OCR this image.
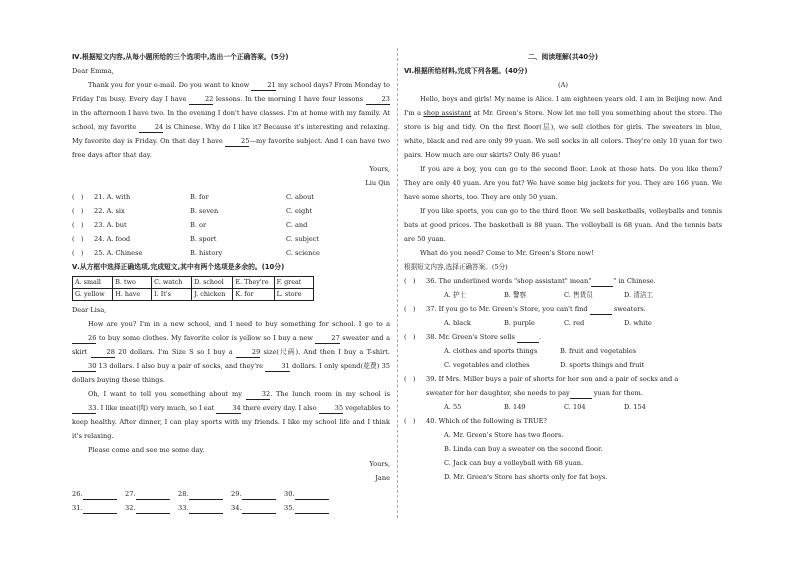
Ⅳ.根据短文内容,从每小题所给的三个选项中,选出一个正确答案。(5分)

Dear Emma,

Thank you for your e-mail. Do you want to know 21 my school days? From Monday to Friday I'm busy. Every day I have 22 lessons. In the morning I have four lessons 23 in the afternoon I have two. In the evening I don't have classes. I'm at home with my family. At school, my favorite 24 is Chinese. Why do I like it? Because it's interesting and relaxing. My favorite day is Friday. On that day I have 25—my favorite subject. And I can have two free days after that day.

Yours,

Liu Qin

( )	21. A. with	B. for	C. about
( )	22. A. six	B. seven	C. eight
( )	23. A. but	B. or	C. and
( )	24. A. food	B. sport	C. subject
( )	25. A. Chinese	B. history	C. science

Ⅴ.从方框中选择正确选项,完成短文,其中有两个选项是多余的。(10分)

A. small	B. two	C. watch	D. school	E. They're	F. great
G. yellow	H. have	I. It's	J. chicken	K. for	L. store

Dear Lisa,

How are you? I'm in a new school, and I need to buy something for school. I go to a 26 to buy some clothes. My favorite color is yellow so I buy a new 27 sweater and a skirt 28 20 dollars. I'm Size S so I buy a 29 size(尺码). And then I buy a T-shirt. 30 13 dollars. I also buy a pair of socks, and they're 31 dollars. I only spend(花费) 35 dollars buying these things.

Oh, I want to tell you something about my 32. The lunch room in my school is 33. I like meat(肉) very much, so I eat 34 there every day. I also 35 vegetables to keep healthy. After dinner, I can play sports with my friends. I like my school life and I think it's relaxing.

Please come and see me some day.

Yours,

Jane

26.	27.	28.	29.	30.
31.	32.	33.	34.	35.

二、阅读理解(共40分)

Ⅵ.根据所给材料,完成下列各题。(40分)

(A)

Hello, boys and girls! My name is Alice. I am eighteen years old. I am in Beijing now. And I'm a shop assistant at Mr. Green's Store. Now let me tell you something about the store. The store is big and tidy. On the first floor(层), we sell clothes for girls. The sweaters in blue, white, black and red are only 99 yuan. We sell socks in all colors. They're only 10 yuan for two pairs. How much are our skirts? Only 86 yuan!

If you are a boy, you can go to the second floor. Look at those hats. Do you like them? They are only 40 yuan. Are you fat? We have some big jackets for you. They are 166 yuan. We have some shorts, too. They are only 50 yuan.

If you like sports, you can go to the third floor. We sell basketballs, volleyballs and tennis bats at good prices. The basketball is 88 yuan. The volleyball is 68 yuan. And the tennis bats are 50 yuan.

What do you need? Come to Mr. Green's Store now!

根据短文内容,选择正确答案。(5分)

( )	36. The underlined words "shop assistant" mean"	" in Chinese.
A. 护士	B. 警察	C. 售货员	D. 清洁工
( )	37. If you go to Mr. Green's Store, you can't find	sweaters.
A. black	B. purple	C. red	D. white
( )	38. Mr. Green's Store sells	.
A. clothes and sports things	B. fruit and vegetables
C. vegetables and clothes	D. sports things and fruit
( )	39. If Mrs. Miller buys a pair of shorts for her son and a pair of socks and a sweater for her daughter, she needs to pay	yuan for them.
A. 55	B. 149	C. 104	D. 154
( )	40. Which of the following is TRUE?
A. Mr. Green's Store has two floors.
B. Linda can buy a sweater on the second floor.
C. Jack can buy a volleyball with 68 yuan.
D. Mr. Green's Store has shorts only for fat boys.
